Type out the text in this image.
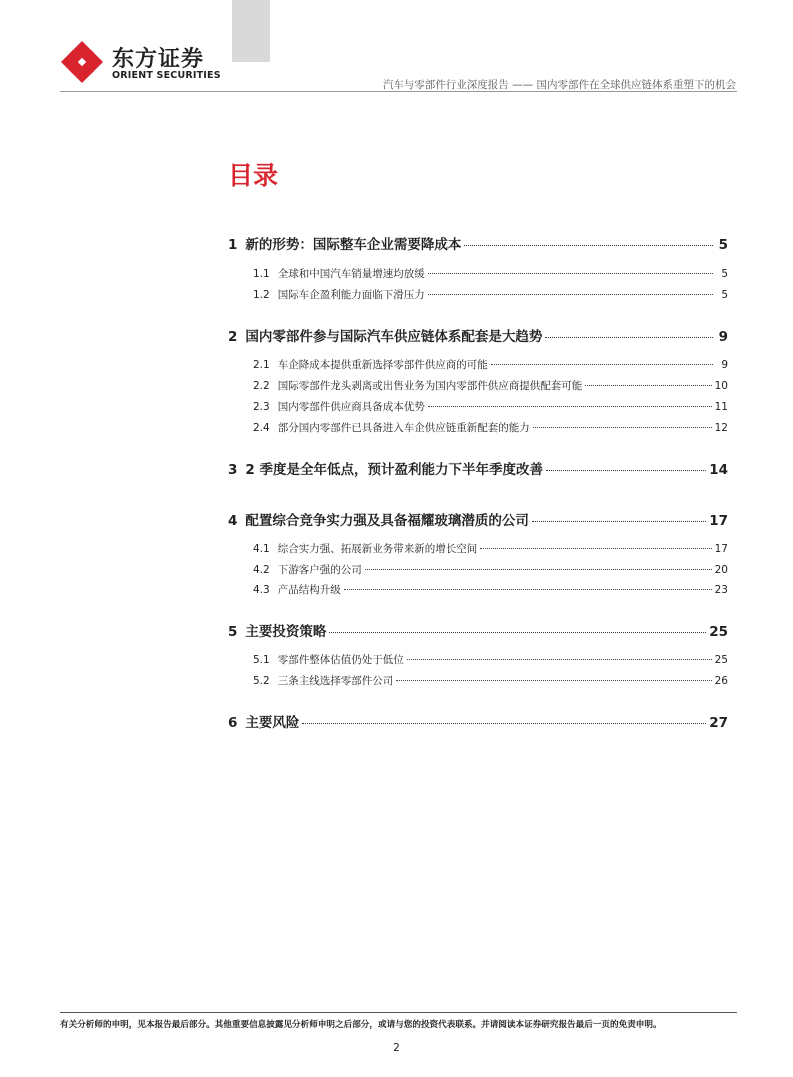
东方证券
ORIENT SECURITIES
汽车与零部件行业深度报告 —— 国内零部件在全球供应链体系重塑下的机会
目录
1 新的形势：国际整车企业需要降成本	5
1.1 全球和中国汽车销量增速均放缓	5
1.2 国际车企盈利能力面临下滑压力	5
2 国内零部件参与国际汽车供应链体系配套是大趋势	9
2.1 车企降成本提供重新选择零部件供应商的可能	9
2.2 国际零部件龙头剥离或出售业务为国内零部件供应商提供配套可能	10
2.3 国内零部件供应商具备成本优势	11
2.4 部分国内零部件已具备进入车企供应链重新配套的能力	12
3 2 季度是全年低点，预计盈利能力下半年季度改善	14
4 配置综合竞争实力强及具备福耀玻璃潜质的公司	17
4.1 综合实力强、拓展新业务带来新的增长空间	17
4.2 下游客户强的公司	20
4.3 产品结构升级	23
5 主要投资策略	25
5.1 零部件整体估值仍处于低位	25
5.2 三条主线选择零部件公司	26
6 主要风险	27
有关分析师的申明，见本报告最后部分。其他重要信息披露见分析师申明之后部分，或请与您的投资代表联系。并请阅读本证券研究报告最后一页的免责申明。
2
